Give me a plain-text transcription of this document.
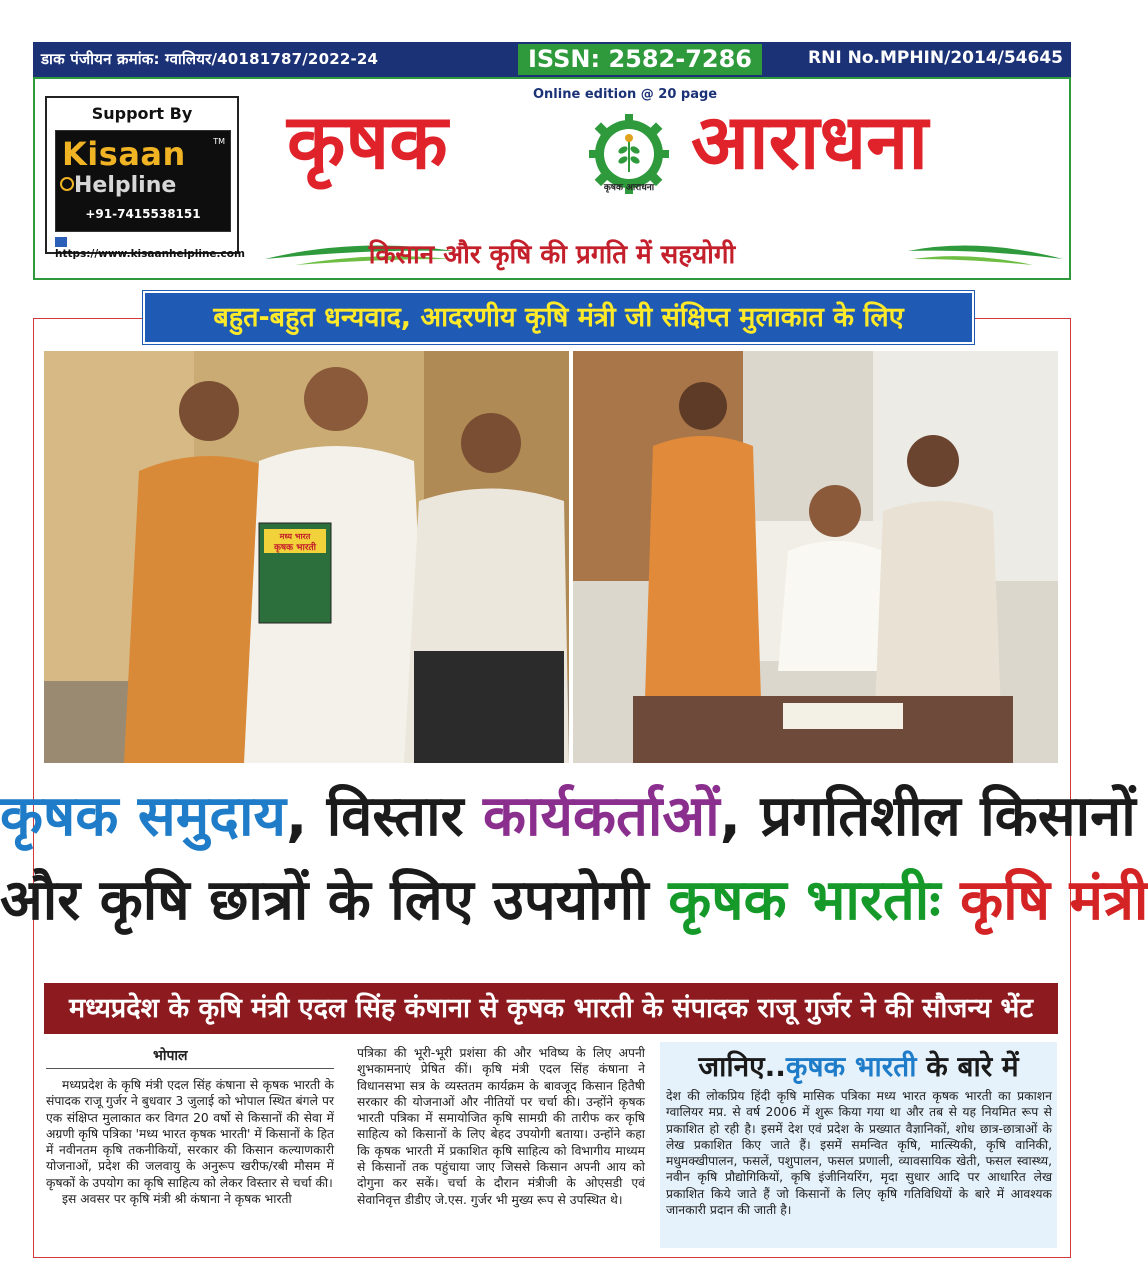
डाक पंजीयन क्रमांक: ग्वालियर/40181787/2022-24	ISSN: 2582-7286	RNI No.MPHIN/2014/54645
Online edition @ 20 page
Support By
Kisaan	TM
Helpline
+91-7415538151
https://www.kisaanhelpline.com
कृषक
कृषक आराधना
आराधना
किसान और कृषि की प्रगति में सहयोगी
बहुत-बहुत धन्यवाद, आदरणीय कृषि मंत्री जी संक्षिप्त मुलाकात के लिए
मध्य भारत
कृषक भारती
कृषक समुदाय, विस्तार कार्यकर्ताओं, प्रगतिशील किसानों
और कृषि छात्रों के लिए उपयोगी कृषक भारतीः कृषि मंत्री
मध्यप्रदेश के कृषि मंत्री एदल सिंह कंषाना से कृषक भारती के संपादक राजू गुर्जर ने की सौजन्य भेंट
भोपाल

मध्यप्रदेश के कृषि मंत्री एदल सिंह कंषाना से कृषक भारती के संपादक राजू गुर्जर ने बुधवार 3 जुलाई को भोपाल स्थित बंगले पर एक संक्षिप्त मुलाकात कर विगत 20 वर्षो से किसानों की सेवा में अग्रणी कृषि पत्रिका 'मध्य भारत कृषक भारती' में किसानों के हित में नवीनतम कृषि तकनीकियों, सरकार की किसान कल्याणकारी योजनाओं, प्रदेश की जलवायु के अनुरूप खरीफ/रबी मौसम में कृषकों के उपयोग का कृषि साहित्य को लेकर विस्तार से चर्चा की।

इस अवसर पर कृषि मंत्री श्री कंषाना ने कृषक भारती

पत्रिका की भूरी-भूरी प्रशंसा की और भविष्य के लिए अपनी शुभकामनाएं प्रेषित कीं। कृषि मंत्री एदल सिंह कंषाना ने विधानसभा सत्र के व्यस्ततम कार्यक्रम के बावजूद किसान हितैषी सरकार की योजनाओं और नीतियों पर चर्चा की। उन्होंने कृषक भारती पत्रिका में समायोजित कृषि सामग्री की तारीफ कर कृषि साहित्य को किसानों के लिए बेहद उपयोगी बताया। उन्होंने कहा कि कृषक भारती में प्रकाशित कृषि साहित्य को विभागीय माध्यम से किसानों तक पहुंचाया जाए जिससे किसान अपनी आय को दोगुना कर सकें। चर्चा के दौरान मंत्रीजी के ओएसडी एवं सेवानिवृत्त डीडीए जे.एस. गुर्जर भी मुख्य रूप से उपस्थित थे।

जानिए..कृषक भारती के बारे में

देश की लोकप्रिय हिंदी कृषि मासिक पत्रिका मध्य भारत कृषक भारती का प्रकाशन ग्वालियर मप्र. से वर्ष 2006 में शुरू किया गया था और तब से यह नियमित रूप से प्रकाशित हो रही है। इसमें देश एवं प्रदेश के प्रख्यात वैज्ञानिकों, शोध छात्र-छात्राओं के लेख प्रकाशित किए जाते हैं। इसमें समन्वित कृषि, मात्स्यिकी, कृषि वानिकी, मधुमक्खीपालन, फसलें, पशुपालन, फसल प्रणाली, व्यावसायिक खेती, फसल स्वास्थ्य, नवीन कृषि प्रौद्योगिकियों, कृषि इंजीनियरिंग, मृदा सुधार आदि पर आधारित लेख प्रकाशित किये जाते हैं जो किसानों के लिए कृषि गतिविधियों के बारे में आवश्यक जानकारी प्रदान की जाती है।
